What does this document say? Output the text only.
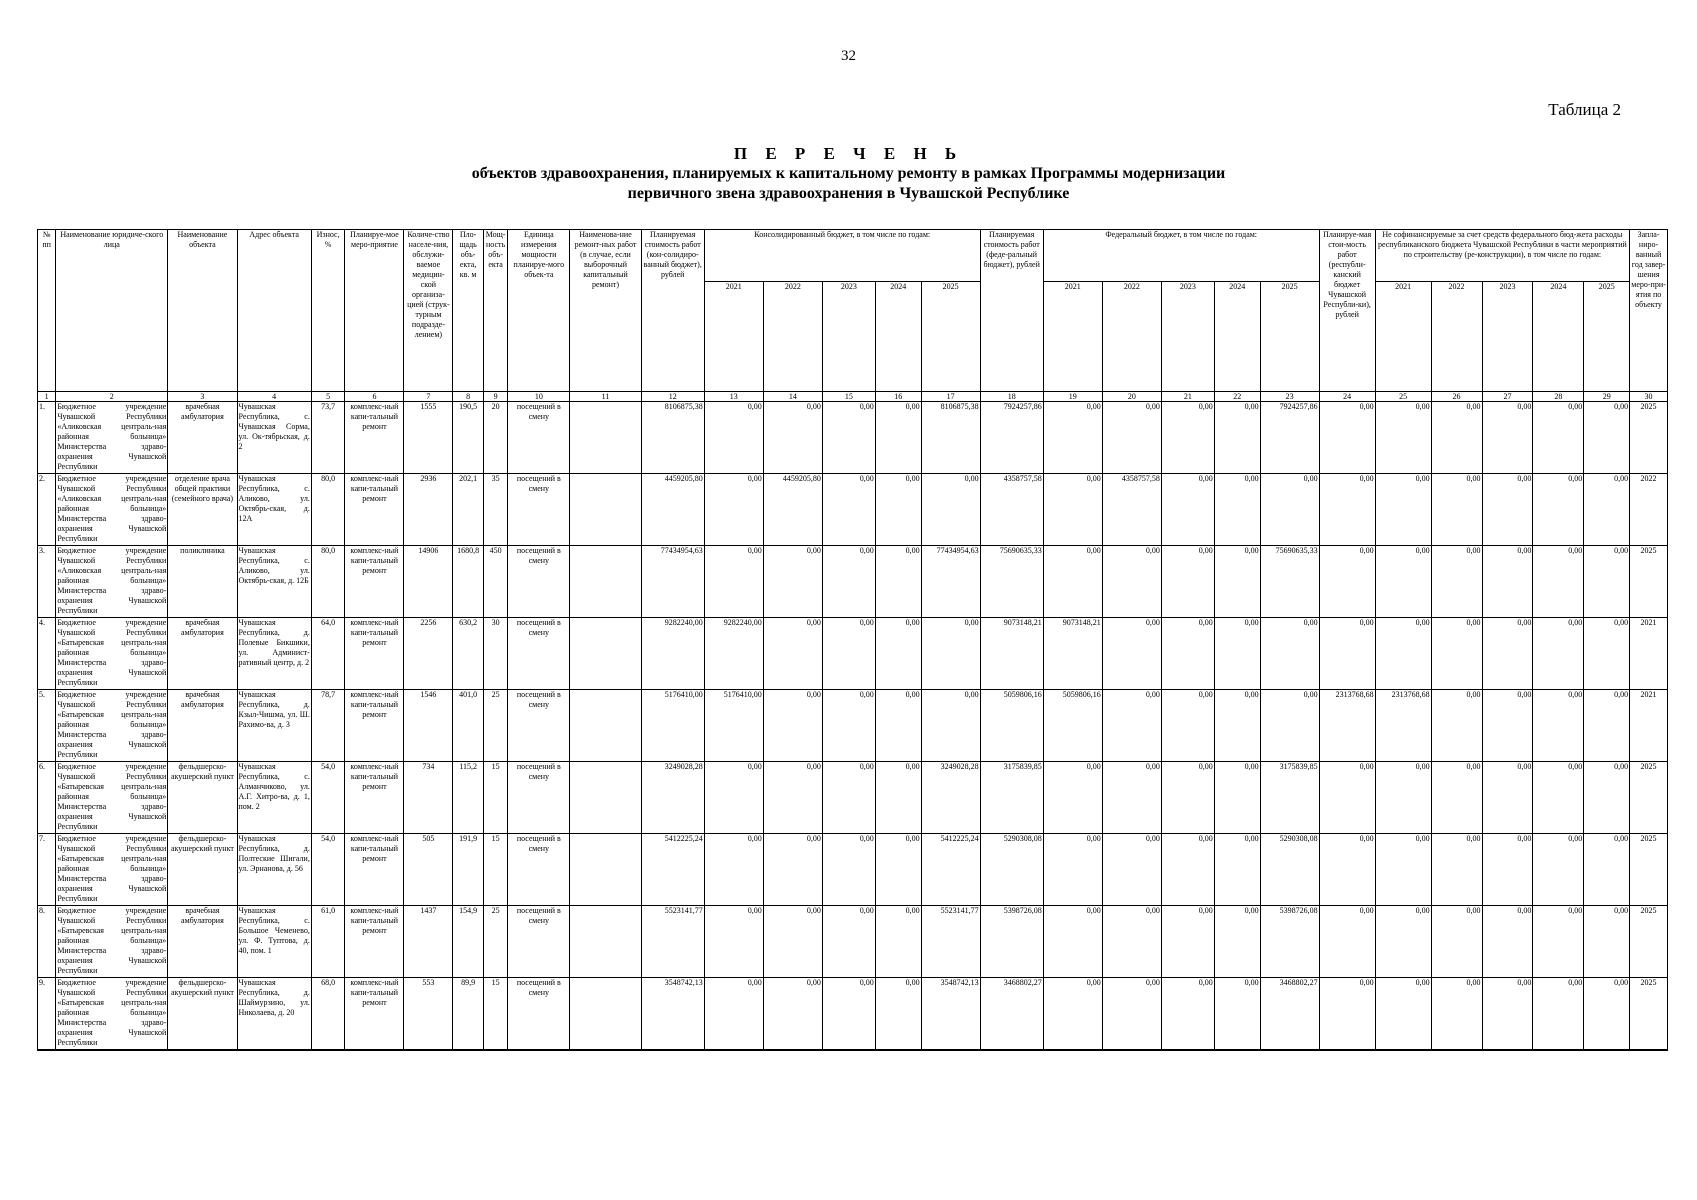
32
Таблица 2
П Е Р Е Ч Е Н Ь
объектов здравоохранения, планируемых к капитальному ремонту в рамках Программы модернизации
первичного звена здравоохранения в Чувашской Республике
№ пп	Наименование юридиче-ского лица	Наименование объекта	Адрес объекта	Износ, %	Планируе-мое меро-приятие	Количе-ство населе-ния, обслужи-ваемое медицин-ской организа-цией (струк-турным подразде-лением)	Пло-щадь объ-екта, кв. м	Мощ-ность объ-екта	Единица измерения мощности планируе-мого объек-та	Наименова-ние ремонт-ных работ (в случае, если выборочный капитальный ремонт)	Планируемая стоимость работ (кон-солидиро-ванный бюджет), рублей	Консолидированный бюджет, в том числе по годам:					Планируемая стоимость работ (феде-ральный бюджет), рублей	Федеральный бюджет, в том числе по годам:					Планируе-мая стои-мость работ (республи-канский бюджет Чувашской Республи-ки), рублей	Не софинансируемые за счет средств федерального бюд-жета расходы республиканского бюджета Чувашской Республики в части мероприятий по строительству (ре-конструкции), в том числе по годам:					Запла-ниро-ванный год завер-шения меро-при-ятия по объекту
												2021	2022	2023	2024	2025		2021	2022	2023	2024	2025		2021	2022	2023	2024	2025	
1	2	3	4	5	6	7	8	9	10	11	12	13	14	15	16	17	18	19	20	21	22	23	24	25	26	27	28	29	30
1.	Бюджетное учреждение Чувашской Республики «Аликовская централь-ная районная больница» Министерства здраво-охранения Чувашской Республики	врачебная амбулатория	Чувашская Республика, с. Чувашская Сорма, ул. Ок-тябрьская, д. 2	73,7	комплекс-ный капи-тальный ремонт	1555	190,5	20	посещений в смену		8106875,38	0,00	0,00	0,00	0,00	8106875,38	7924257,86	0,00	0,00	0,00	0,00	7924257,86	0,00	0,00	0,00	0,00	0,00	0,00	2025
2.	Бюджетное учреждение Чувашской Республики «Аликовская централь-ная районная больница» Министерства здраво-охранения Чувашской Республики	отделение врача общей практики (семейного врача)	Чувашская Республика, с. Аликово, ул. Октябрь-ская, д. 12А	80,0	комплекс-ный капи-тальный ремонт	2936	202,1	35	посещений в смену		4459205,80	0,00	4459205,80	0,00	0,00	0,00	4358757,58	0,00	4358757,58	0,00	0,00	0,00	0,00	0,00	0,00	0,00	0,00	0,00	2022
3.	Бюджетное учреждение Чувашской Республики «Аликовская централь-ная районная больница» Министерства здраво-охранения Чувашской Республики	поликлиника	Чувашская Республика, с. Аликово, ул. Октябрь-ская, д. 12Б	80,0	комплекс-ный капи-тальный ремонт	14906	1680,8	450	посещений в смену		77434954,63	0,00	0,00	0,00	0,00	77434954,63	75690635,33	0,00	0,00	0,00	0,00	75690635,33	0,00	0,00	0,00	0,00	0,00	0,00	2025
4.	Бюджетное учреждение Чувашской Республики «Батыревская централь-ная районная больница» Министерства здраво-охранения Чувашской Республики	врачебная амбулатория	Чувашская Республика, д. Полевые Бикшики, ул. Админист-ративный центр, д. 2	64,0	комплекс-ный капи-тальный ремонт	2256	630,2	30	посещений в смену		9282240,00	9282240,00	0,00	0,00	0,00	0,00	9073148,21	9073148,21	0,00	0,00	0,00	0,00	0,00	0,00	0,00	0,00	0,00	0,00	2021
5.	Бюджетное учреждение Чувашской Республики «Батыревская централь-ная районная больница» Министерства здраво-охранения Чувашской Республики	врачебная амбулатория	Чувашская Республика, д. Кзыл-Чишма, ул. Ш. Рахимо-ва, д. 3	78,7	комплекс-ный капи-тальный ремонт	1546	401,0	25	посещений в смену		5176410,00	5176410,00	0,00	0,00	0,00	0,00	5059806,16	5059806,16	0,00	0,00	0,00	0,00	2313768,68	2313768,68	0,00	0,00	0,00	0,00	2021
6.	Бюджетное учреждение Чувашской Республики «Батыревская централь-ная районная больница» Министерства здраво-охранения Чувашской Республики	фельдшерско-акушерский пункт	Чувашская Республика, с. Алманчиково, ул. А.Г. Хитро-ва, д. 1, пом. 2	54,0	комплекс-ный капи-тальный ремонт	734	115,2	15	посещений в смену		3249028,28	0,00	0,00	0,00	0,00	3249028,28	3175839,85	0,00	0,00	0,00	0,00	3175839,85	0,00	0,00	0,00	0,00	0,00	0,00	2025
7.	Бюджетное учреждение Чувашской Республики «Батыревская централь-ная районная больница» Министерства здраво-охранения Чувашской Республики	фельдшерско-акушерский пункт	Чувашская Республика, д. Полтеские Шигали, ул. Эрнанова, д. 56	54,0	комплекс-ный капи-тальный ремонт	505	191,9	15	посещений в смену		5412225,24	0,00	0,00	0,00	0,00	5412225,24	5290308,08	0,00	0,00	0,00	0,00	5290308,08	0,00	0,00	0,00	0,00	0,00	0,00	2025
8.	Бюджетное учреждение Чувашской Республики «Батыревская централь-ная районная больница» Министерства здраво-охранения Чувашской Республики	врачебная амбулатория	Чувашская Республика, с. Большое Чеменево, ул. Ф. Туптова, д. 40, пом. 1	61,0	комплекс-ный капи-тальный ремонт	1437	154,9	25	посещений в смену		5523141,77	0,00	0,00	0,00	0,00	5523141,77	5398726,08	0,00	0,00	0,00	0,00	5398726,08	0,00	0,00	0,00	0,00	0,00	0,00	2025
9.	Бюджетное учреждение Чувашской Республики «Батыревская централь-ная районная больница» Министерства здраво-охранения Чувашской Республики	фельдшерско-акушерский пункт	Чувашская Республика, д. Шаймурзино, ул. Николаева, д. 20	68,0	комплекс-ный капи-тальный ремонт	553	89,9	15	посещений в смену		3548742,13	0,00	0,00	0,00	0,00	3548742,13	3468802,27	0,00	0,00	0,00	0,00	3468802,27	0,00	0,00	0,00	0,00	0,00	0,00	2025
